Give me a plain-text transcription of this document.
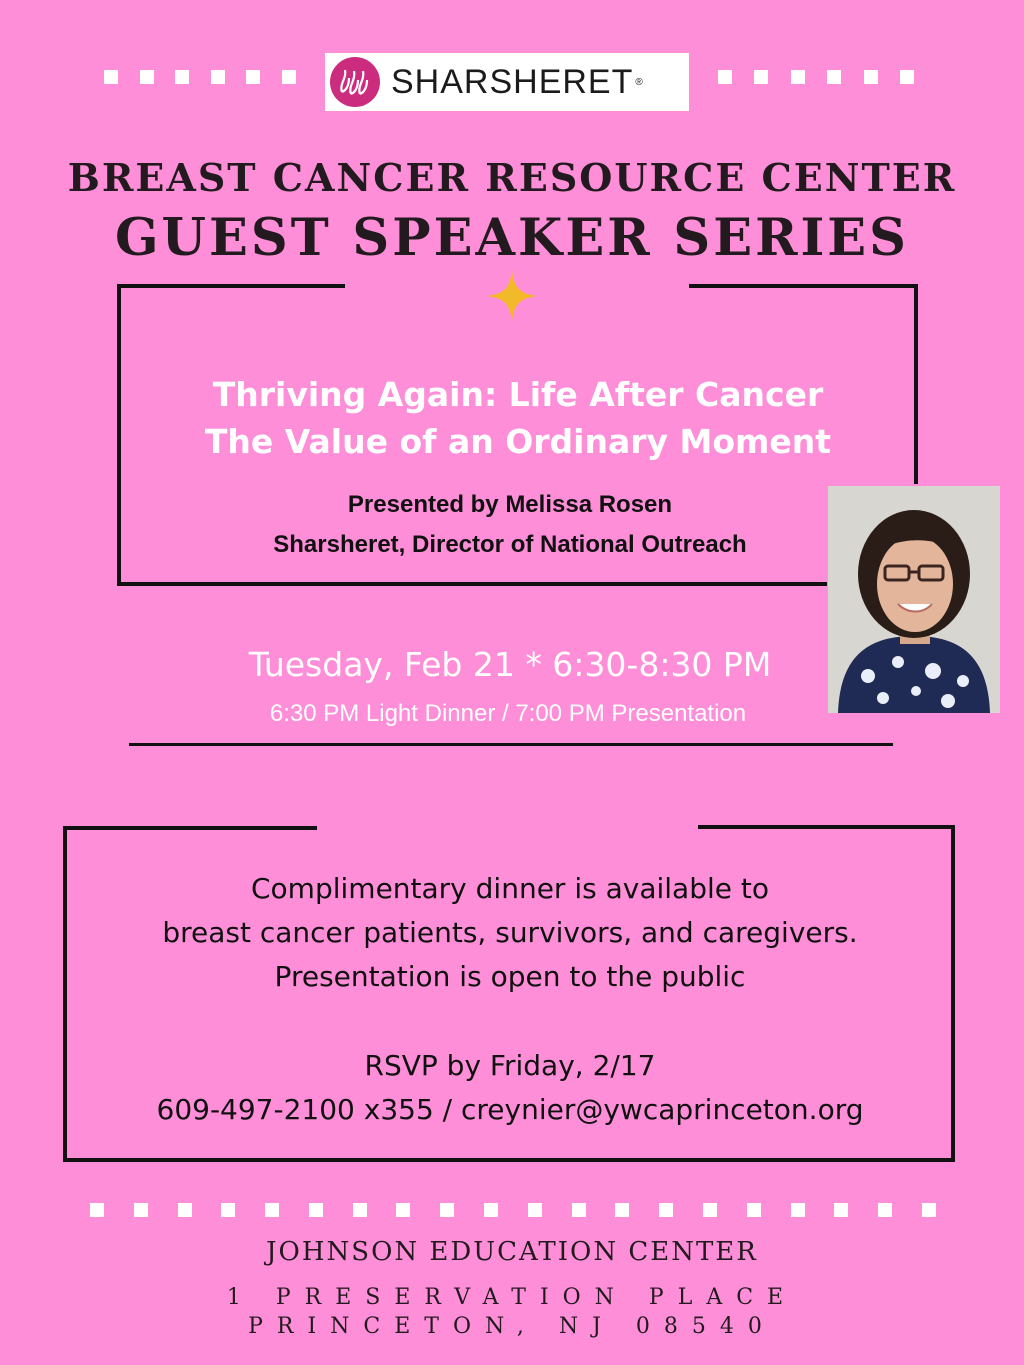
SHARSHERET ®
BREAST CANCER RESOURCE CENTER
GUEST SPEAKER SERIES
Thriving Again: Life After Cancer
The Value of an Ordinary Moment
Presented by Melissa Rosen
Sharsheret, Director of National Outreach
Tuesday, Feb 21 * 6:30-8:30 PM
6:30 PM Light Dinner / 7:00 PM Presentation
Complimentary dinner is available to
breast cancer patients, survivors, and caregivers.
Presentation is open to the public
RSVP by Friday, 2/17
609-497-2100 x355 / creynier@ywcaprinceton.org
JOHNSON EDUCATION CENTER
1 PRESERVATION PLACE
PRINCETON, NJ 08540
